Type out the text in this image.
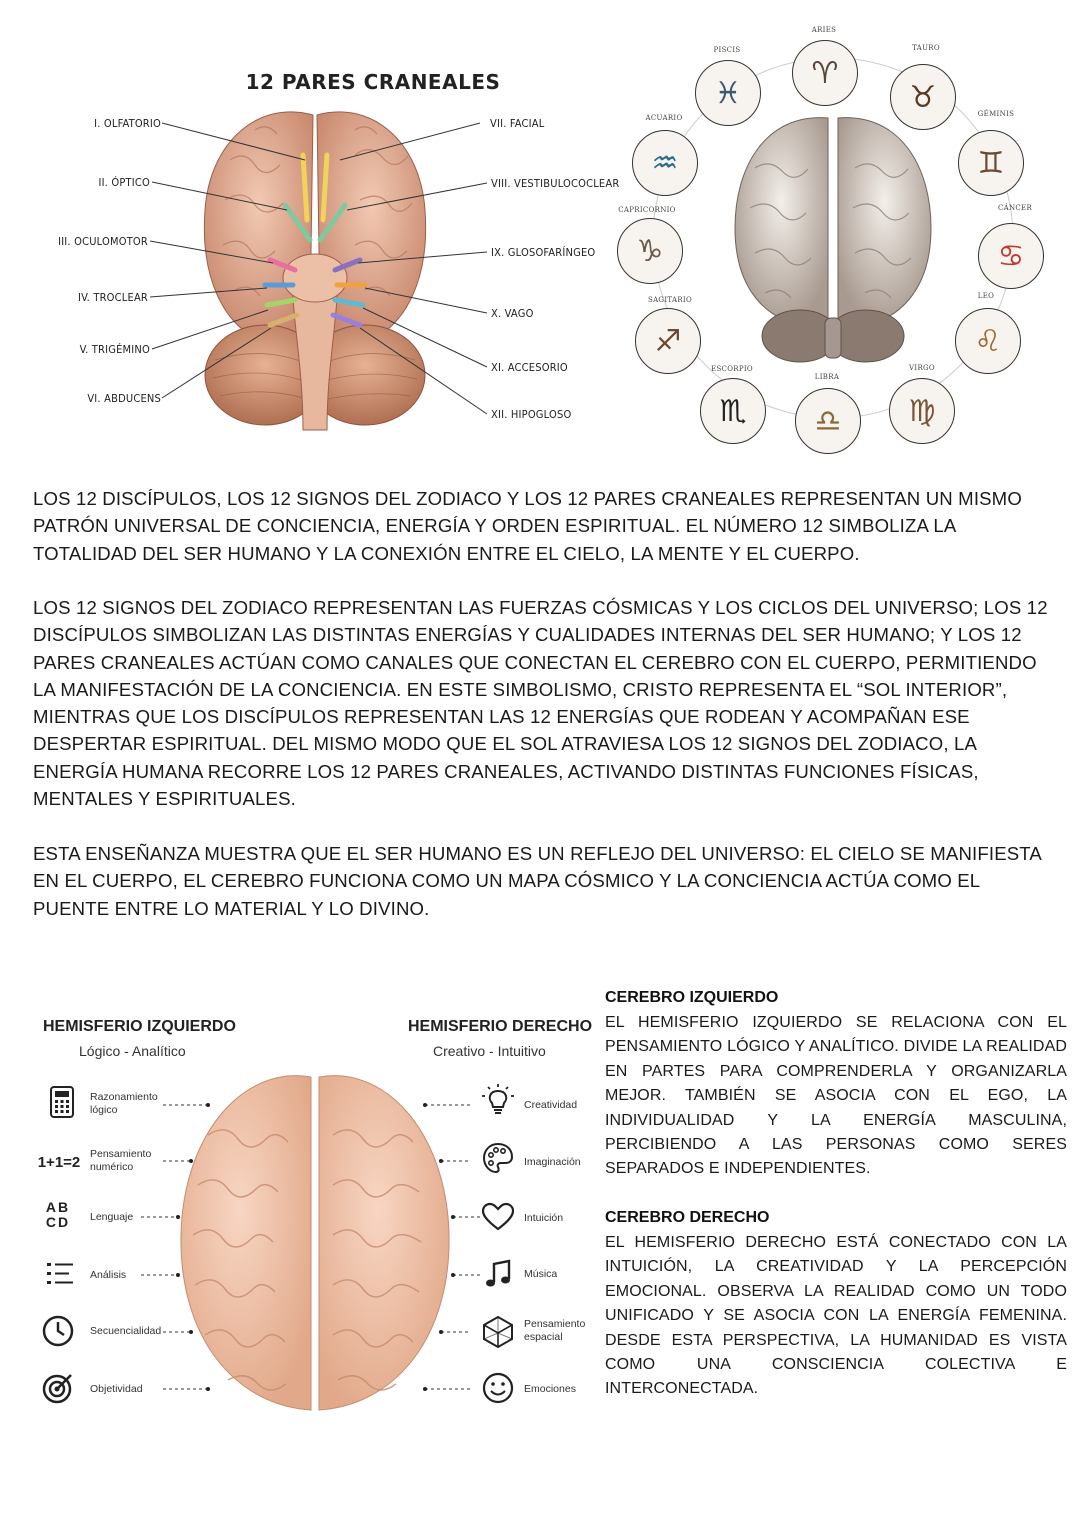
12 PARES CRANEALES
I. OLFATORIO
II. ÓPTICO
III. OCULOMOTOR
IV. TROCLEAR
V. TRIGÉMINO
VI. ABDUCENS
VII. FACIAL
VIII. VESTIBULOCOCLEAR
IX. GLOSOFARÍNGEO
X. VAGO
XI. ACCESORIO
XII. HIPOGLOSO
♈
ARIES
♉
TAURO
♊
GÉMINIS
♋
CÁNCER
♌
LEO
♍
VIRGO
♎
LIBRA
♏
ESCORPIO
♐
SAGITARIO
♑
CAPRICORNIO
♒
ACUARIO
♓
PISCIS
LOS 12 DISCÍPULOS, LOS 12 SIGNOS DEL ZODIACO Y LOS 12 PARES CRANEALES REPRESENTAN UN MISMO PATRÓN UNIVERSAL DE CONCIENCIA, ENERGÍA Y ORDEN ESPIRITUAL. EL NÚMERO 12 SIMBOLIZA LA TOTALIDAD DEL SER HUMANO Y LA CONEXIÓN ENTRE EL CIELO, LA MENTE Y EL CUERPO.
LOS 12 SIGNOS DEL ZODIACO REPRESENTAN LAS FUERZAS CÓSMICAS Y LOS CICLOS DEL UNIVERSO; LOS 12 DISCÍPULOS SIMBOLIZAN LAS DISTINTAS ENERGÍAS Y CUALIDADES INTERNAS DEL SER HUMANO; Y LOS 12 PARES CRANEALES ACTÚAN COMO CANALES QUE CONECTAN EL CEREBRO CON EL CUERPO, PERMITIENDO LA MANIFESTACIÓN DE LA CONCIENCIA. EN ESTE SIMBOLISMO, CRISTO REPRESENTA EL “SOL INTERIOR”, MIENTRAS QUE LOS DISCÍPULOS REPRESENTAN LAS 12 ENERGÍAS QUE RODEAN Y ACOMPAÑAN ESE DESPERTAR ESPIRITUAL. DEL MISMO MODO QUE EL SOL ATRAVIESA LOS 12 SIGNOS DEL ZODIACO, LA ENERGÍA HUMANA RECORRE LOS 12 PARES CRANEALES, ACTIVANDO DISTINTAS FUNCIONES FÍSICAS, MENTALES Y ESPIRITUALES.
ESTA ENSEÑANZA MUESTRA QUE EL SER HUMANO ES UN REFLEJO DEL UNIVERSO: EL CIELO SE MANIFIESTA EN EL CUERPO, EL CEREBRO FUNCIONA COMO UN MAPA CÓSMICO Y LA CONCIENCIA ACTÚA COMO EL PUENTE ENTRE LO MATERIAL Y LO DIVINO.
HEMISFERIO IZQUIERDO
Lógico - Analítico
HEMISFERIO DERECHO
Creativo - Intuitivo
1+1=2
AB CD
Razonamiento lógico
Pensamiento numérico
Lenguaje
Análisis
Secuencialidad
Objetividad
Creatividad
Imaginación
Intuición
Música
Pensamiento espacial
Emociones
CEREBRO IZQUIERDO
EL HEMISFERIO IZQUIERDO SE RELACIONA CON EL PENSAMIENTO LÓGICO Y ANALÍTICO. DIVIDE LA REALIDAD EN PARTES PARA COMPRENDERLA Y ORGANIZARLA MEJOR. TAMBIÉN SE ASOCIA CON EL EGO, LA INDIVIDUALIDAD Y LA ENERGÍA MASCULINA, PERCIBIENDO A LAS PERSONAS COMO SERES SEPARADOS E INDEPENDIENTES.
CEREBRO DERECHO
EL HEMISFERIO DERECHO ESTÁ CONECTADO CON LA INTUICIÓN, LA CREATIVIDAD Y LA PERCEPCIÓN EMOCIONAL. OBSERVA LA REALIDAD COMO UN TODO UNIFICADO Y SE ASOCIA CON LA ENERGÍA FEMENINA. DESDE ESTA PERSPECTIVA, LA HUMANIDAD ES VISTA COMO UNA CONSCIENCIA COLECTIVA E INTERCONECTADA.
